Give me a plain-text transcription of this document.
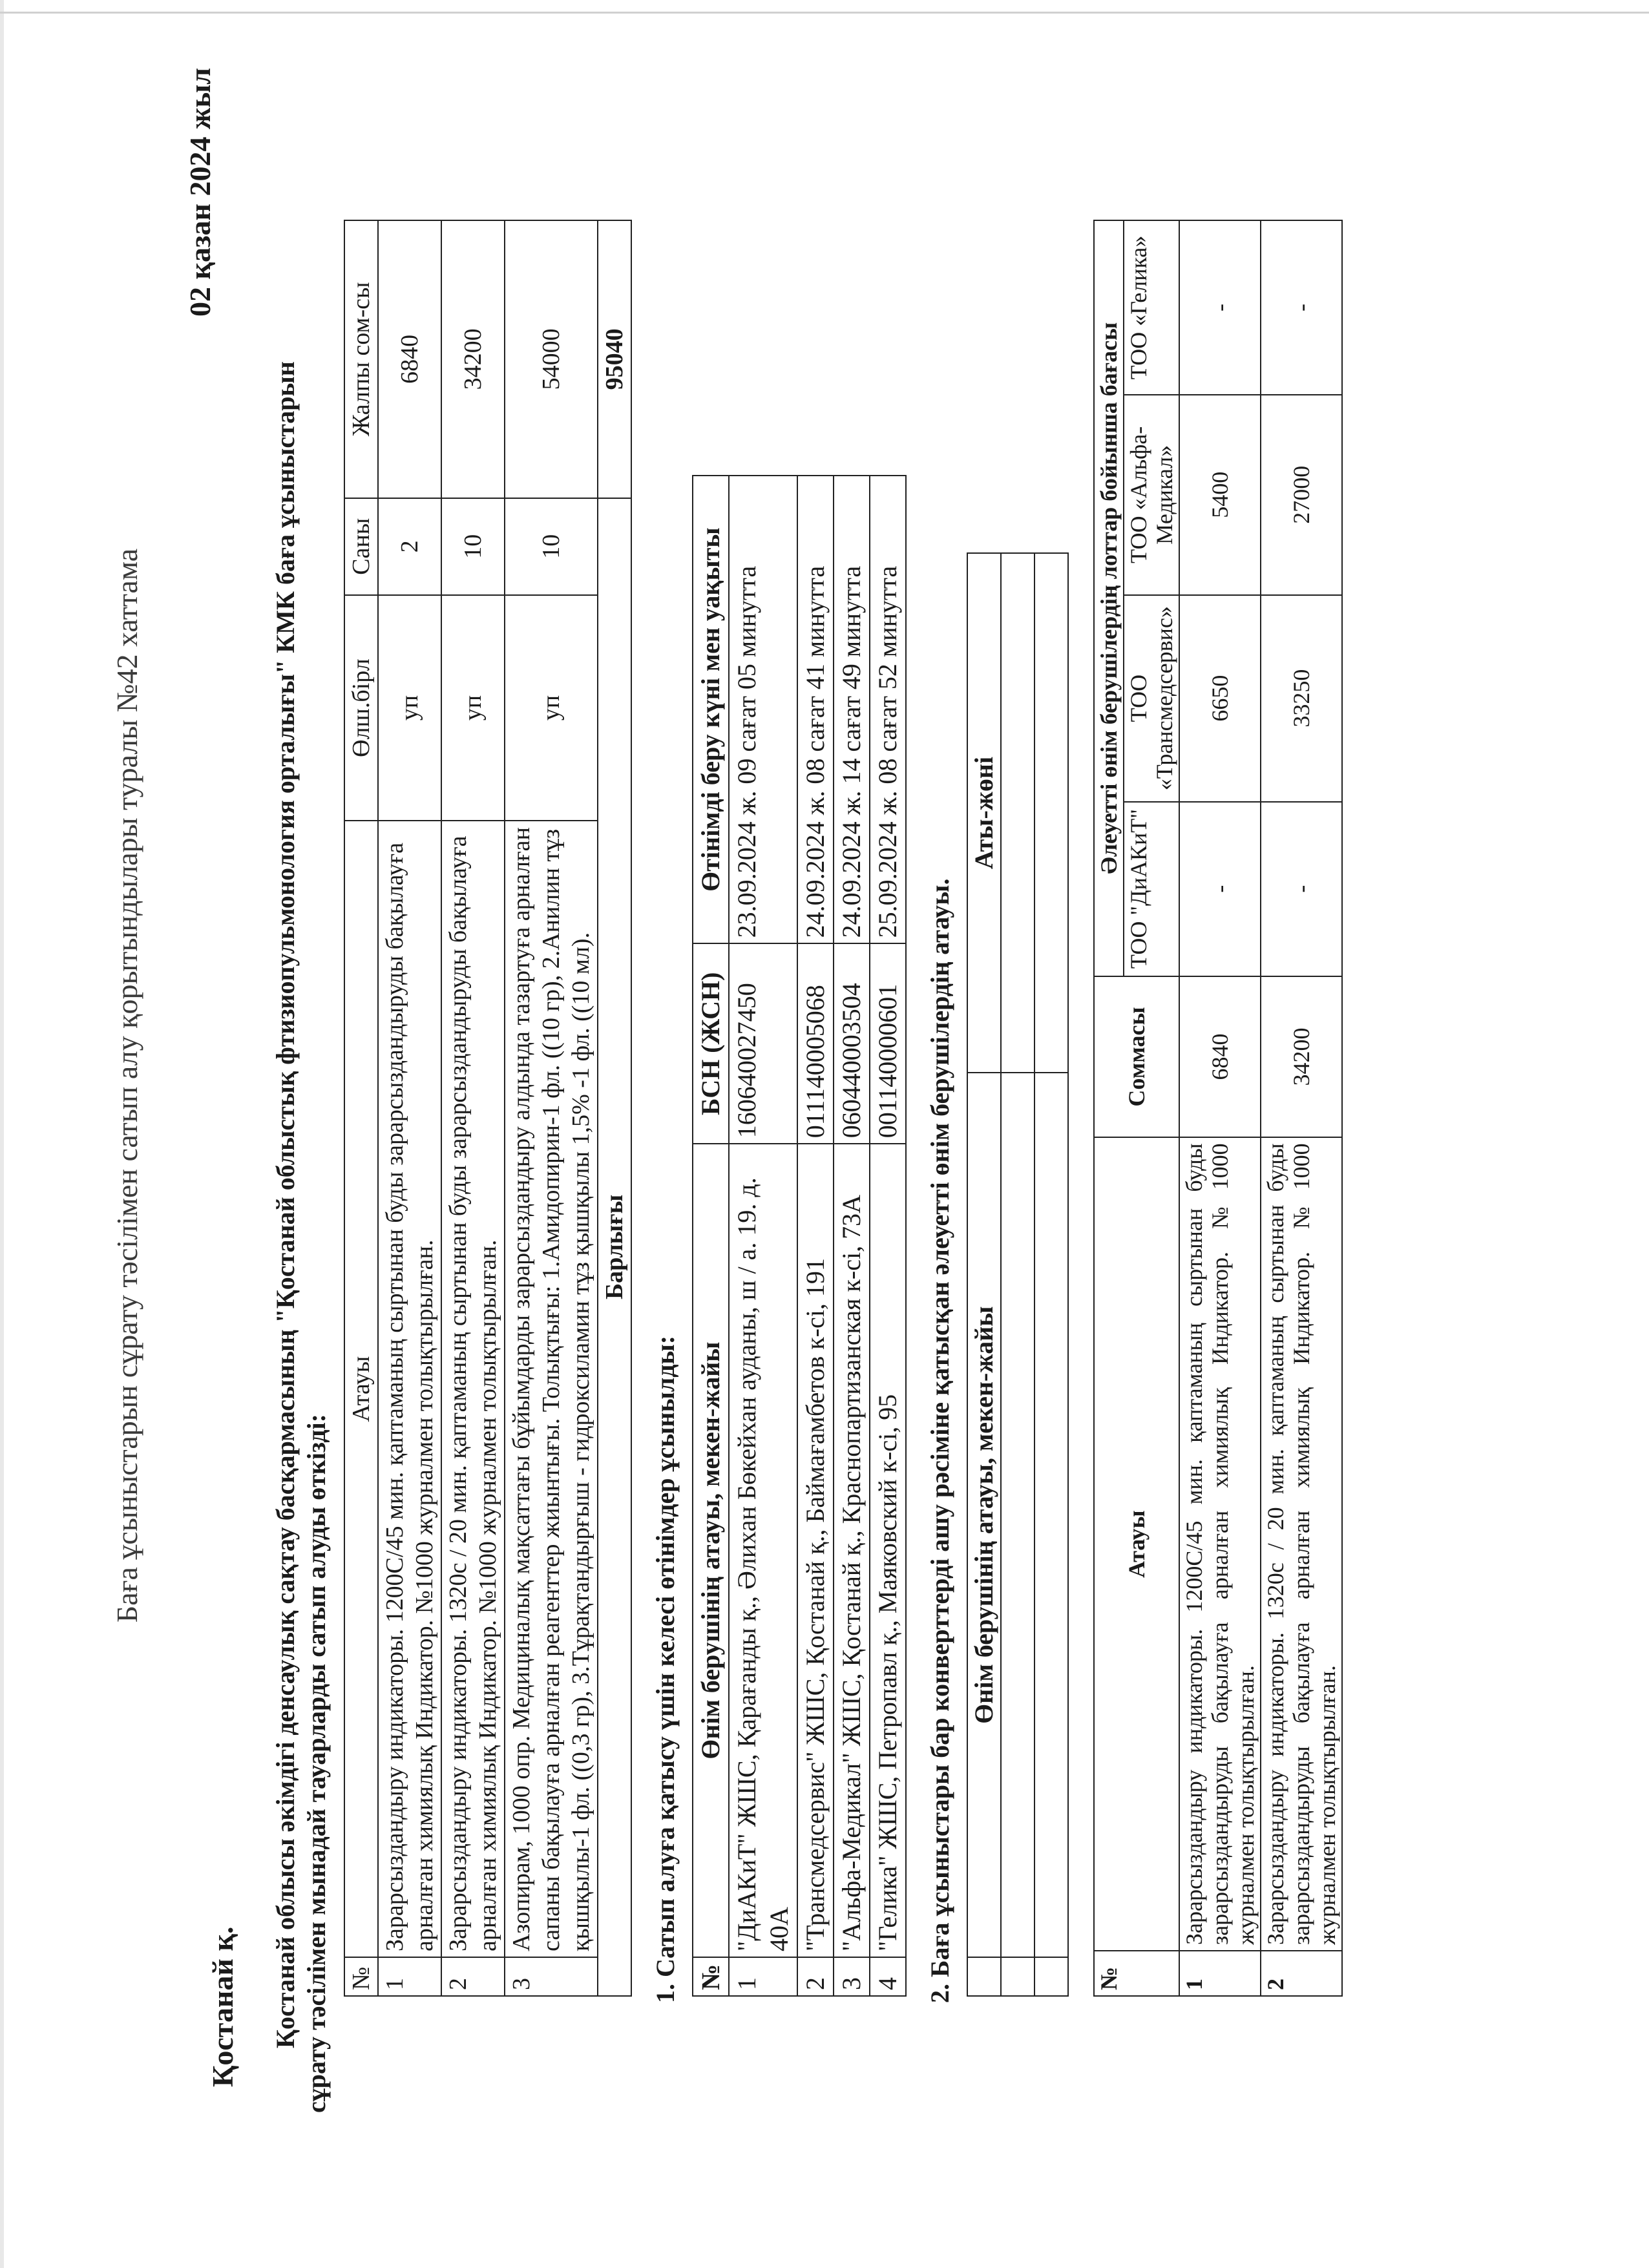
Баға ұсыныстарын сұрату тәсілімен сатып алу қорытындылары туралы №42 хаттама
Қостанай қ.
02 қазан 2024 жыл
Қостанай облысы әкімдігі денсаулық сақтау басқармасының "Қостанай облыстық фтизиопульмонология орталығы" КМК баға ұсыныстарын сұрату тәсілімен мынадай тауарларды сатып алуды өткізді: №	Атауы	Өлш.бірл	Саны	Жалпы сом-сы
1	Зарарсыздандыру индикаторы. 1200С/45 мин. қаптаманың сыртынан буды зарарсыздандыруды бақылауға арналған химиялық Индикатор. №1000 журналмен толықтырылған.	уп	2	6840
2	Зарарсыздандыру индикаторы. 1320с / 20 мин. қаптаманың сыртынан буды зарарсыздандыруды бақылауға арналған химиялық Индикатор. №1000 журналмен толықтырылған.	уп	10	34200
3	Азопирам, 1000 опр. Медициналық мақсаттағы бұйымдарды зарарсыздандыру алдында тазартуға арналған сапаны бақылауға арналған реагенттер жиынтығы. Толықтығы: 1.Амидопирин-1 фл. ((10 гр), 2.Анилин тұз қышқылы-1 фл. ((0,3 гр), 3.Тұрақтандырғыш - гидроксиламин тұз қышқылы 1,5% -1 фл. ((10 мл).	уп	10	54000
Барлығы				95040
1. Сатып алуға қатысу үшін келесі өтінімдер ұсынылды: №	Өнім берушінің атауы, мекен-жайы	БСН (ЖСН)	Өтінімді беру күні мен уақыты
1	"ДиАКиТ" ЖШС, Қарағанды қ., Әлихан Бөкейхан ауданы, ш / а. 19. д. 40А	160640027450	23.09.2024 ж. 09 сағат 05 минутта
2	"Трансмедсервис" ЖШС, Қостанай қ., Баймағамбетов к-сі, 191	011140005068	24.09.2024 ж. 08 сағат 41 минутта
3	"Альфа-Медикал" ЖШС, Қостанай қ., Краснопартизанская к-сі, 73А	060440003504	24.09.2024 ж. 14 сағат 49 минутта
4	"Гелика" ЖШС, Петропавл қ., Маяковский к-сі, 95	001140000601	25.09.2024 ж. 08 сағат 52 минутта
2. Баға ұсыныстары бар конверттерді ашу рәсіміне қатысқан әлеуетті өнім берушілердің атауы.
	Өнім берушінің атауы, мекен-жайы	Аты-жөні

№	Атауы	Соммасы	Әлеуетті өнім берушілердің лоттар бойынша бағасы			
			ТОО "ДиАКиТ"	ТОО «Трансмедсервис»	ТОО «Альфа-Медикал»	ТОО «Гелика»
1	Зарарсыздандыру индикаторы. 1200С/45 мин. қаптаманың сыртынан буды зарарсыздандыруды бақылауға арналған химиялық Индикатор. №1000 журналмен толықтырылған.	6840	-	6650	5400	-
2	Зарарсыздандыру индикаторы. 1320с / 20 мин. қаптаманың сыртынан буды зарарсыздандыруды бақылауға арналған химиялық Индикатор. №1000 журналмен толықтырылған.	34200	-	33250	27000	-
